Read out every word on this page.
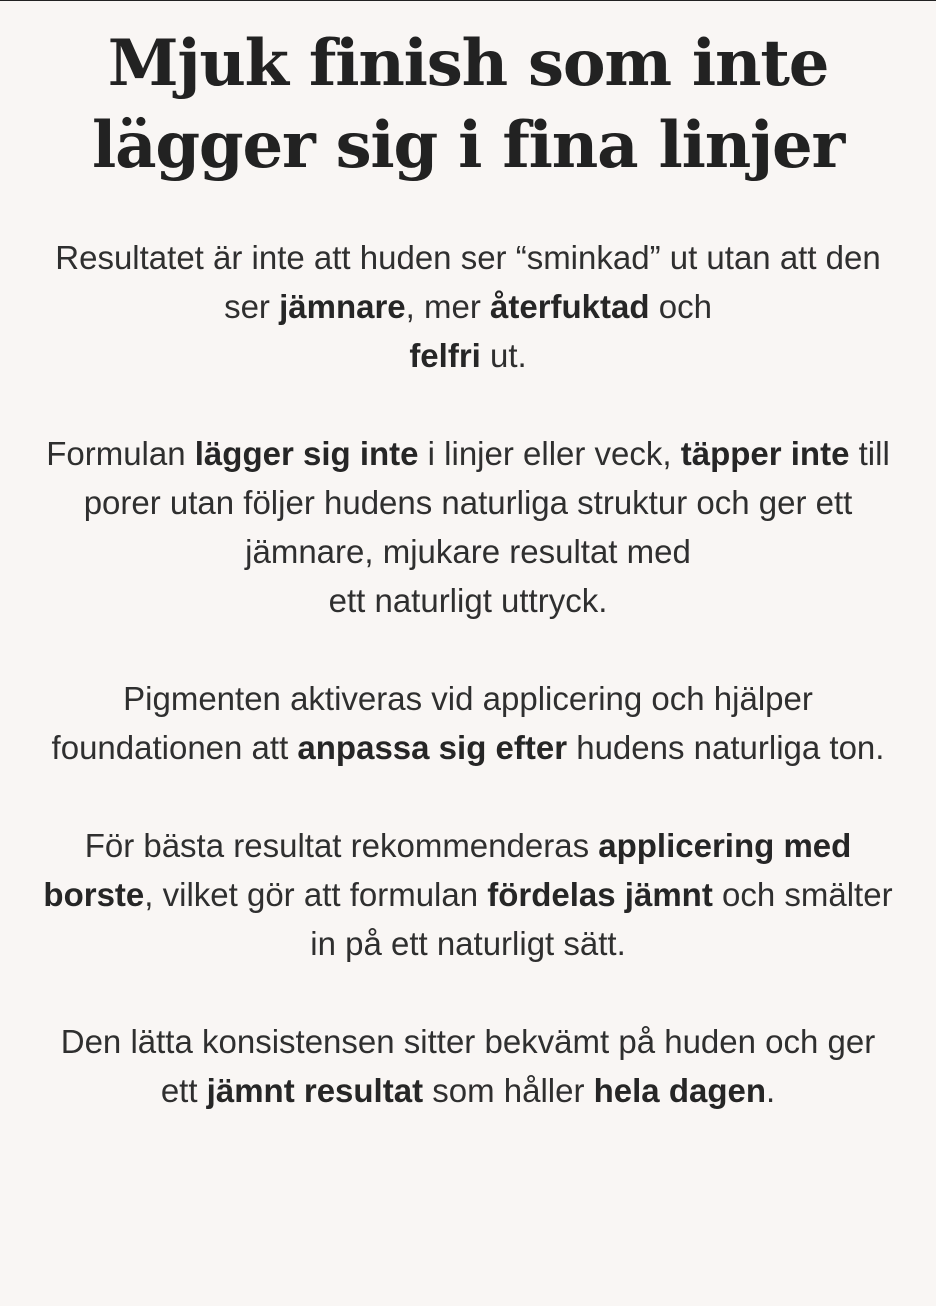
Mjuk finish som inte
lägger sig i fina linjer

Resultatet är inte att huden ser “sminkad” ut utan att den ser jämnare, mer återfuktad och
felfri ut.

Formulan lägger sig inte i linjer eller veck, täpper inte till porer utan följer hudens naturliga struktur och ger ett jämnare, mjukare resultat med
ett naturligt uttryck.

Pigmenten aktiveras vid applicering och hjälper foundationen att anpassa sig efter hudens naturliga ton.

För bästa resultat rekommenderas applicering med borste, vilket gör att formulan fördelas jämnt och smälter in på ett naturligt sätt.

Den lätta konsistensen sitter bekvämt på huden och ger ett jämnt resultat som håller hela dagen.
